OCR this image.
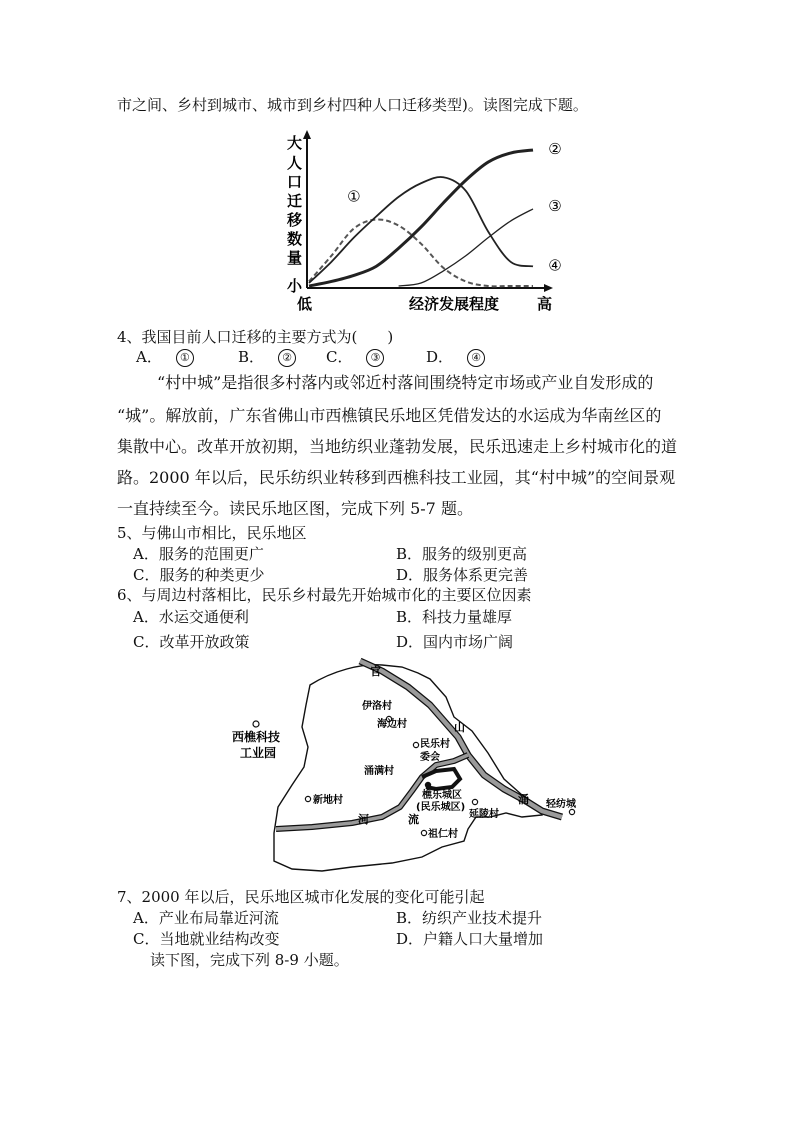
市之间、乡村到城市、城市到乡村四种人口迁移类型)。读图完成下题。
人
口
迁
移
数
量
大
小
低	经济发展程度	高
①
②
③
④
4、我国目前人口迁移的主要方式为(　　)
A． ①	B． ② C． ③	D． ④
“村中城”是指很多村落内或邻近村落间围绕特定市场或产业自发形成的
“城”。解放前，广东省佛山市西樵镇民乐地区凭借发达的水运成为华南丝区的
集散中心。改革开放初期，当地纺织业蓬勃发展，民乐迅速走上乡村城市化的道
路。2000 年以后，民乐纺织业转移到西樵科技工业园，其“村中城”的空间景观
一直持续至今。读民乐地区图，完成下列 5-7 题。
5、与佛山市相比，民乐地区
A．服务的范围更广	B．服务的级别更高
C．服务的种类更少	D．服务体系更完善
6、与周边村落相比，民乐乡村最先开始城市化的主要区位因素
A．水运交通便利	B．科技力量雄厚
C．改革开放政策	D．国内市场广阔
官
山
涌
河	流
伊洛村
海边村
民乐村
委会
涌满村
樵乐城区
(民乐城区)
延陵村
新地村
祖仁村
轻纺城
西樵科技
工业园
7、2000 年以后，民乐地区城市化发展的变化可能引起
A．产业布局靠近河流	B．纺织产业技术提升
C．当地就业结构改变	D．户籍人口大量增加
读下图，完成下列 8-9 小题。
